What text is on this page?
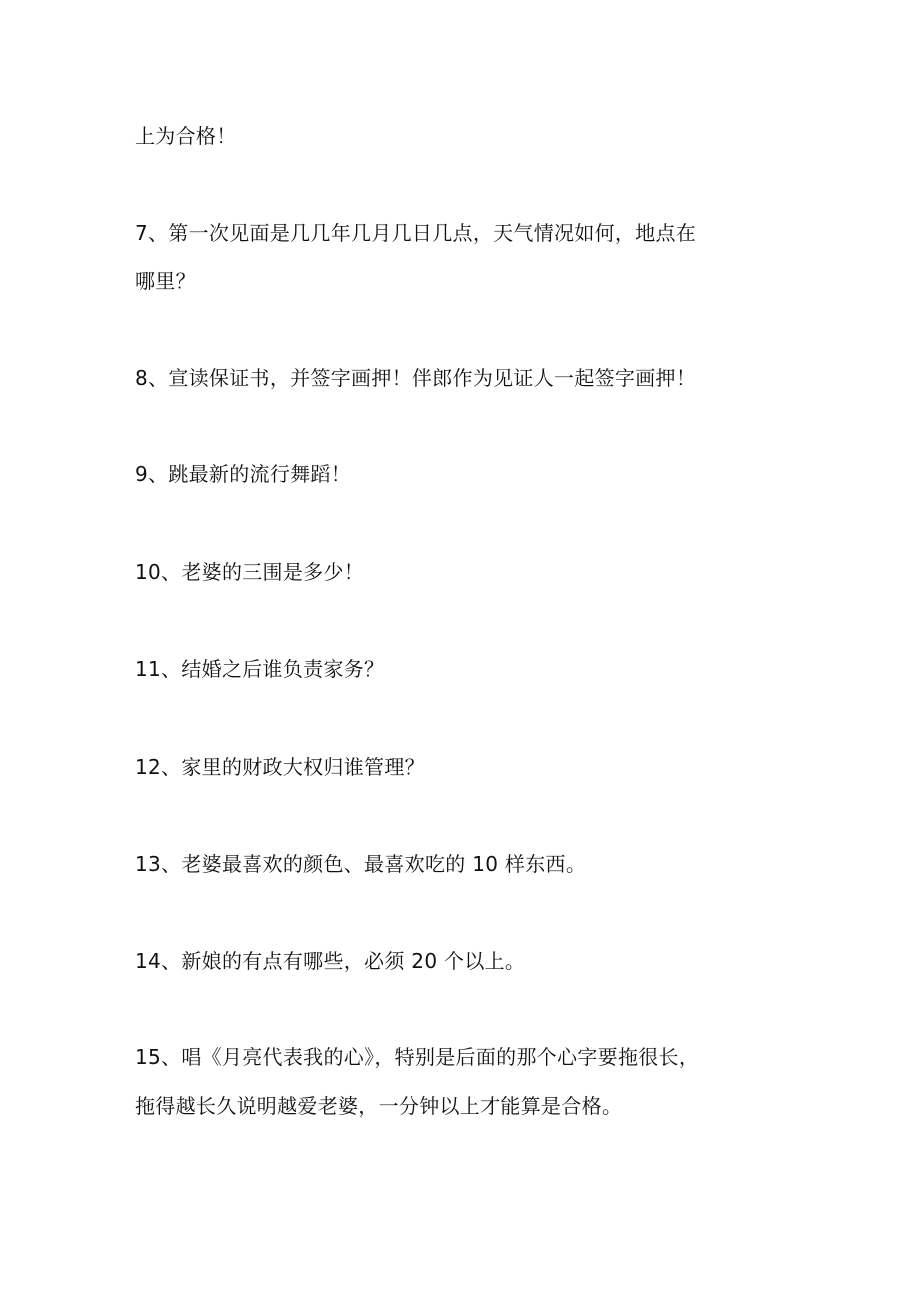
上为合格！
7、第一次见面是几几年几月几日几点，天气情况如何，地点在
哪里？
8、宣读保证书，并签字画押！伴郎作为见证人一起签字画押！
9、跳最新的流行舞蹈！
10、老婆的三围是多少！
11、结婚之后谁负责家务？
12、家里的财政大权归谁管理？
13、老婆最喜欢的颜色、最喜欢吃的 10 样东西。
14、新娘的有点有哪些，必须 20 个以上。
15、唱《月亮代表我的心》，特别是后面的那个心字要拖很长，
拖得越长久说明越爱老婆，一分钟以上才能算是合格。
